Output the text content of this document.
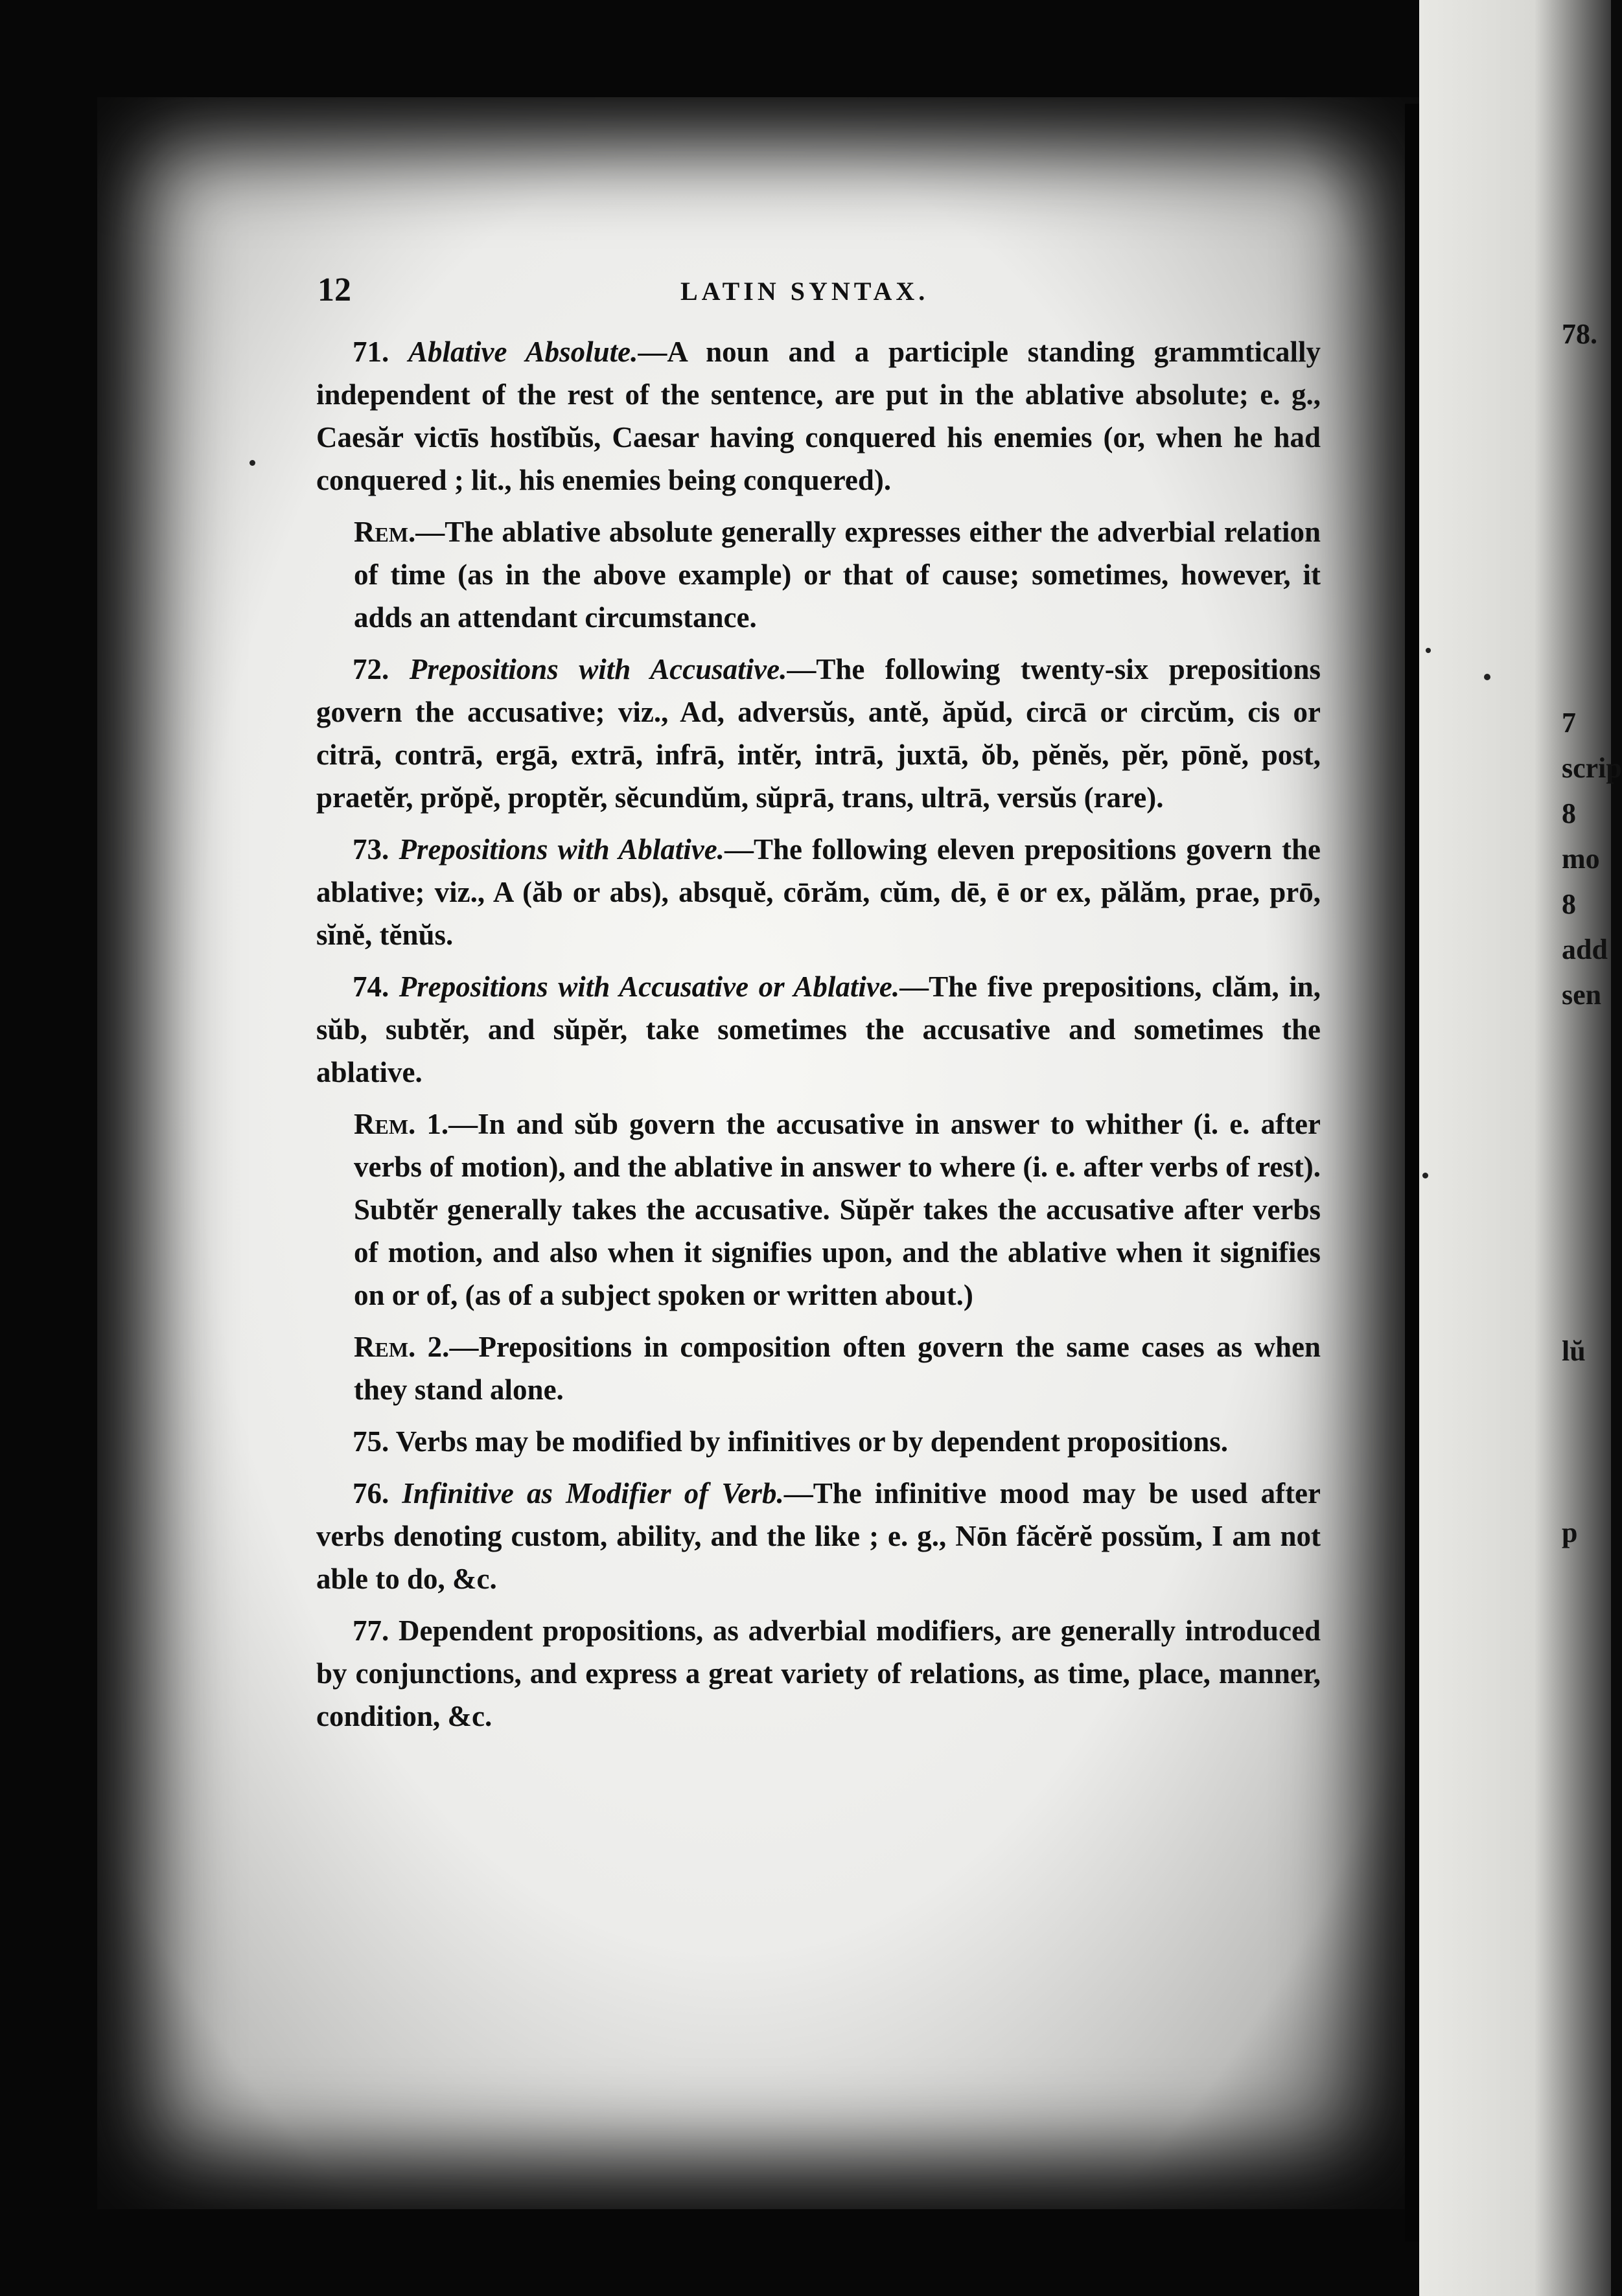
78.
7
scrip
8
mo
8
add
sen
lŭ
p
12	LATIN SYNTAX.

71. Ablative Absolute.—A noun and a participle standing grammtically independent of the rest of the sentence, are put in the ablative absolute; e. g., Caesăr victīs hostĭbŭs, Caesar having conquered his enemies (or, when he had conquered ; lit., his enemies being conquered).

Rem.—The ablative absolute generally expresses either the adverbial relation of time (as in the above example) or that of cause; sometimes, however, it adds an attendant circumstance.

72. Prepositions with Accusative.—The following twenty-six prepositions govern the accusative; viz., Ad, adversŭs, antĕ, ăpŭd, circā or circŭm, cis or citrā, contrā, ergā, extrā, infrā, intĕr, intrā, juxtā, ŏb, pĕnĕs, pĕr, pōnĕ, post, praetĕr, prŏpĕ, proptĕr, sĕcundŭm, sŭprā, trans, ultrā, versŭs (rare).

73. Prepositions with Ablative.—The following eleven prepositions govern the ablative; viz., A (ăb or abs), absquĕ, cōrăm, cŭm, dē, ē or ex, pălăm, prae, prō, sĭnĕ, tĕnŭs.

74. Prepositions with Accusative or Ablative.—The five prepositions, clăm, in, sŭb, subtĕr, and sŭpĕr, take sometimes the accusative and sometimes the ablative.

Rem. 1.—In and sŭb govern the accusative in answer to whither (i. e. after verbs of motion), and the ablative in answer to where (i. e. after verbs of rest). Subtĕr generally takes the accusative. Sŭpĕr takes the accusative after verbs of motion, and also when it signifies upon, and the ablative when it signifies on or of, (as of a subject spoken or written about.)

Rem. 2.—Prepositions in composition often govern the same cases as when they stand alone.

75. Verbs may be modified by infinitives or by dependent propositions.

76. Infinitive as Modifier of Verb.—The infinitive mood may be used after verbs denoting custom, ability, and the like ; e. g., Nōn făcĕrĕ possŭm, I am not able to do, &c.

77. Dependent propositions, as adverbial modifiers, are generally introduced by conjunctions, and express a great variety of relations, as time, place, manner, condition, &c.
